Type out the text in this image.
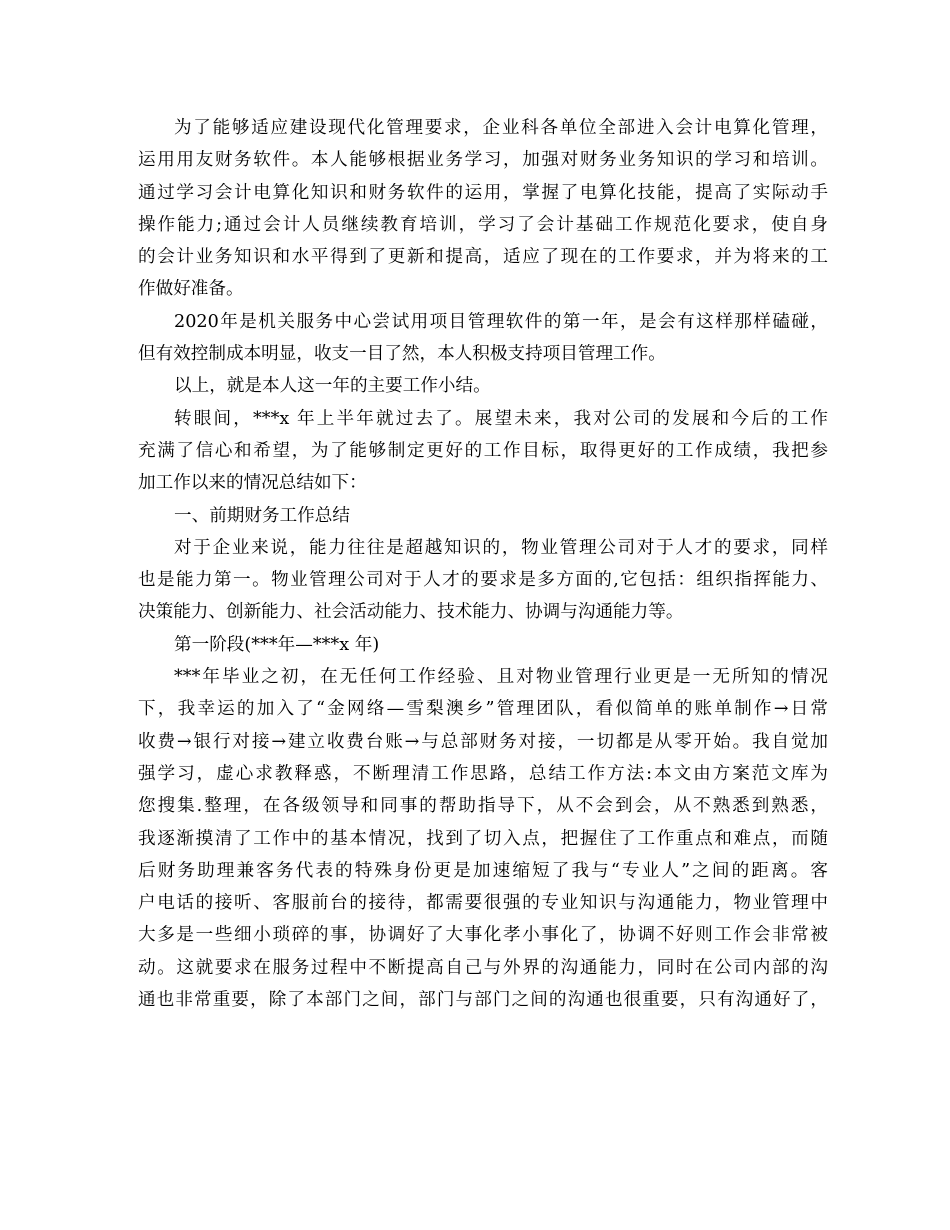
为了能够适应建设现代化管理要求，企业科各单位全部进入会计电算化管理，
运用用友财务软件。本人能够根据业务学习，加强对财务业务知识的学习和培训。
通过学习会计电算化知识和财务软件的运用，掌握了电算化技能，提高了实际动手
操作能力;通过会计人员继续教育培训，学习了会计基础工作规范化要求，使自身
的会计业务知识和水平得到了更新和提高，适应了现在的工作要求，并为将来的工
作做好准备。
2020年是机关服务中心尝试用项目管理软件的第一年，是会有这样那样磕碰，
但有效控制成本明显，收支一目了然，本人积极支持项目管理工作。
以上，就是本人这一年的主要工作小结。
转眼间，***x 年上半年就过去了。展望未来，我对公司的发展和今后的工作
充满了信心和希望，为了能够制定更好的工作目标，取得更好的工作成绩，我把参
加工作以来的情况总结如下：
一、前期财务工作总结
对于企业来说，能力往往是超越知识的，物业管理公司对于人才的要求，同样
也是能力第一。物业管理公司对于人才的要求是多方面的,它包括：组织指挥能力、
决策能力、创新能力、社会活动能力、技术能力、协调与沟通能力等。
第一阶段(***年—***x 年)
***年毕业之初，在无任何工作经验、且对物业管理行业更是一无所知的情况
下，我幸运的加入了“金网络—雪梨澳乡”管理团队，看似简单的账单制作→日常
收费→银行对接→建立收费台账→与总部财务对接，一切都是从零开始。我自觉加
强学习，虚心求教释惑，不断理清工作思路，总结工作方法:本文由方案范文库为
您搜集.整理，在各级领导和同事的帮助指导下，从不会到会，从不熟悉到熟悉，
我逐渐摸清了工作中的基本情况，找到了切入点，把握住了工作重点和难点，而随
后财务助理兼客务代表的特殊身份更是加速缩短了我与“专业人”之间的距离。客
户电话的接听、客服前台的接待，都需要很强的专业知识与沟通能力，物业管理中
大多是一些细小琐碎的事，协调好了大事化孝小事化了，协调不好则工作会非常被
动。这就要求在服务过程中不断提高自己与外界的沟通能力，同时在公司内部的沟
通也非常重要，除了本部门之间，部门与部门之间的沟通也很重要，只有沟通好了，
